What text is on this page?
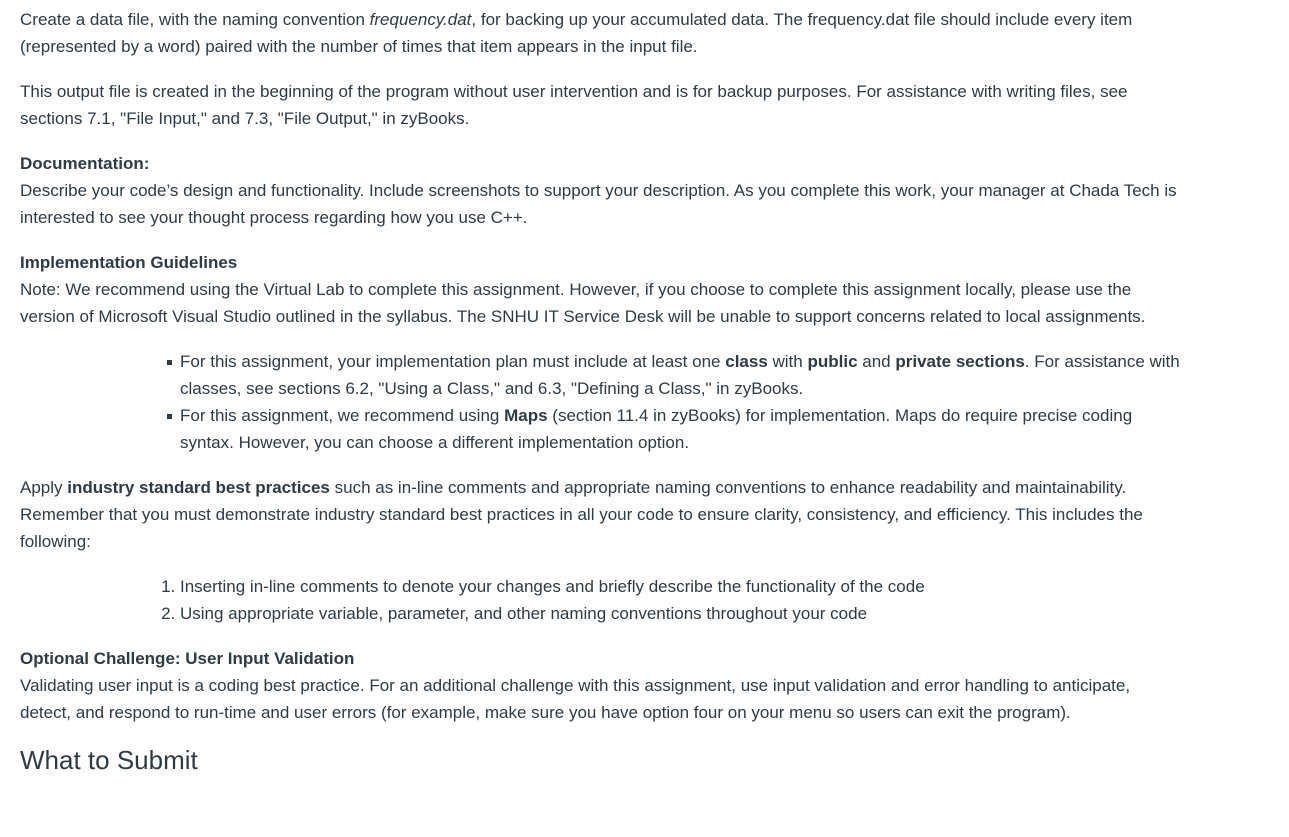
Create a data file, with the naming convention frequency.dat, for backing up your accumulated data. The frequency.dat file should include every item (represented by a word) paired with the number of times that item appears in the input file.

This output file is created in the beginning of the program without user intervention and is for backup purposes. For assistance with writing files, see sections 7.1, "File Input," and 7.3, "File Output," in zyBooks.

Documentation:
Describe your code’s design and functionality. Include screenshots to support your description. As you complete this work, your manager at Chada Tech is interested to see your thought process regarding how you use C++.

Implementation Guidelines
Note: We recommend using the Virtual Lab to complete this assignment. However, if you choose to complete this assignment locally, please use the version of Microsoft Visual Studio outlined in the syllabus. The SNHU IT Service Desk will be unable to support concerns related to local assignments.

For this assignment, your implementation plan must include at least one class with public and private sections. For assistance with classes, see sections 6.2, "Using a Class," and 6.3, "Defining a Class," in zyBooks.
For this assignment, we recommend using Maps (section 11.4 in zyBooks) for implementation. Maps do require precise coding syntax. However, you can choose a different implementation option.

Apply industry standard best practices such as in-line comments and appropriate naming conventions to enhance readability and maintainability. Remember that you must demonstrate industry standard best practices in all your code to ensure clarity, consistency, and efficiency. This includes the following:

1. Inserting in-line comments to denote your changes and briefly describe the functionality of the code
2. Using appropriate variable, parameter, and other naming conventions throughout your code

Optional Challenge: User Input Validation
Validating user input is a coding best practice. For an additional challenge with this assignment, use input validation and error handling to anticipate, detect, and respond to run-time and user errors (for example, make sure you have option four on your menu so users can exit the program).

What to Submit
